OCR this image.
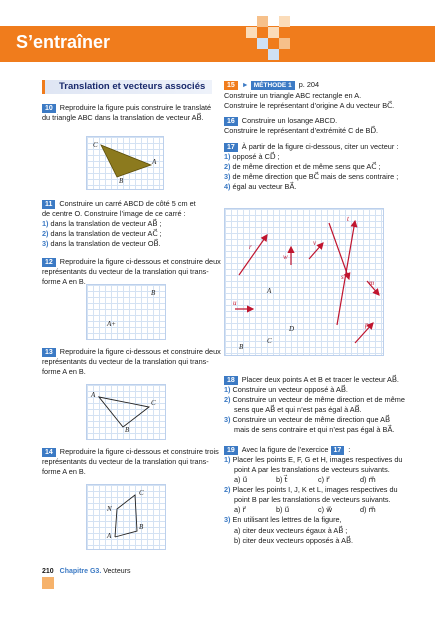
S’entraîner
Translation et vecteurs associés
10 Reproduire la figure puis construire le translaté
du triangle ABC dans la translation de vecteur AB⃗.
C
A
B
11 Construire un carré ABCD de côté 5 cm et
de centre O. Construire l’image de ce carré :
1) dans la translation de vecteur AB⃗ ;
2) dans la translation de vecteur AC⃗ ;
3) dans la translation de vecteur OB⃗.
12 Reproduire la figure ci-dessous et construire deux
représentants du vecteur de la translation qui trans-
forme A en B.
B
A+
13 Reproduire la figure ci-dessous et construire deux
représentants du vecteur de la translation qui trans-
forme A en B.
A
C
B
14 Reproduire la figure ci-dessous et construire trois
représentants du vecteur de la translation qui trans-
forme A en B.
C
N
B
A
15 ► MÉTHODE 1 p. 204
Construire un triangle ABC rectangle en A.
Construire le représentant d’origine A du vecteur BC⃗.
16 Construire un losange ABCD.
Construire le représentant d’extrémité C de BD⃗.
17 À partir de la figure ci-dessous, citer un vecteur :
1) opposé à CD⃗ ;
2) de même direction et de même sens que AC⃗ ;
3) de même direction que BC⃗ mais de sens contraire ;
4) égal au vecteur BA⃗.
r⃗
t⃗
v⃗
w⃗
s⃗
m⃗
u⃗
p⃗
A
D
B
C
18 Placer deux points A et B et tracer le vecteur AB⃗.
1) Construire un vecteur opposé à AB⃗.
2) Construire un vecteur de même direction et de même
sens que AB⃗ et qui n’est pas égal à AB⃗.
3) Construire un vecteur de même direction que AB⃗
mais de sens contraire et qui n’est pas égal à BA⃗.
19 Avec la figure de l’exercice 17 :
1) Placer les points E, F, G et H, images respectives du
point A par les translations de vecteurs suivants.
a) u⃗	b) t⃗	c) r⃗	d) m⃗
2) Placer les points I, J, K et L, images respectives du
point B par les translations de vecteurs suivants.
a) r⃗	b) u⃗	c) w⃗	d) m⃗
3) En utilisant les lettres de la figure,
a) citer deux vecteurs égaux à AB⃗ ;
b) citer deux vecteurs opposés à AB⃗.
210 Chapitre G3. Vecteurs
